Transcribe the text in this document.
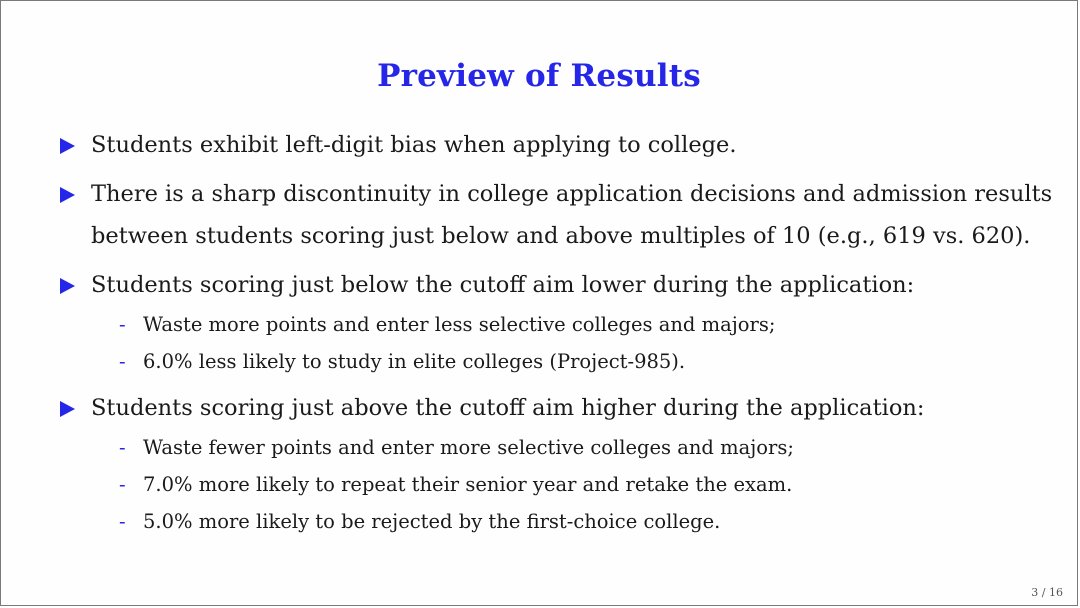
Preview of Results
Students exhibit left-digit bias when applying to college.
There is a sharp discontinuity in college application decisions and admission results between students scoring just below and above multiples of 10 (e.g., 619 vs. 620).
Students scoring just below the cutoff aim lower during the application:
- Waste more points and enter less selective colleges and majors;
- 6.0% less likely to study in elite colleges (Project-985).
Students scoring just above the cutoff aim higher during the application:
- Waste fewer points and enter more selective colleges and majors;
- 7.0% more likely to repeat their senior year and retake the exam.
- 5.0% more likely to be rejected by the first-choice college.
3 / 16
